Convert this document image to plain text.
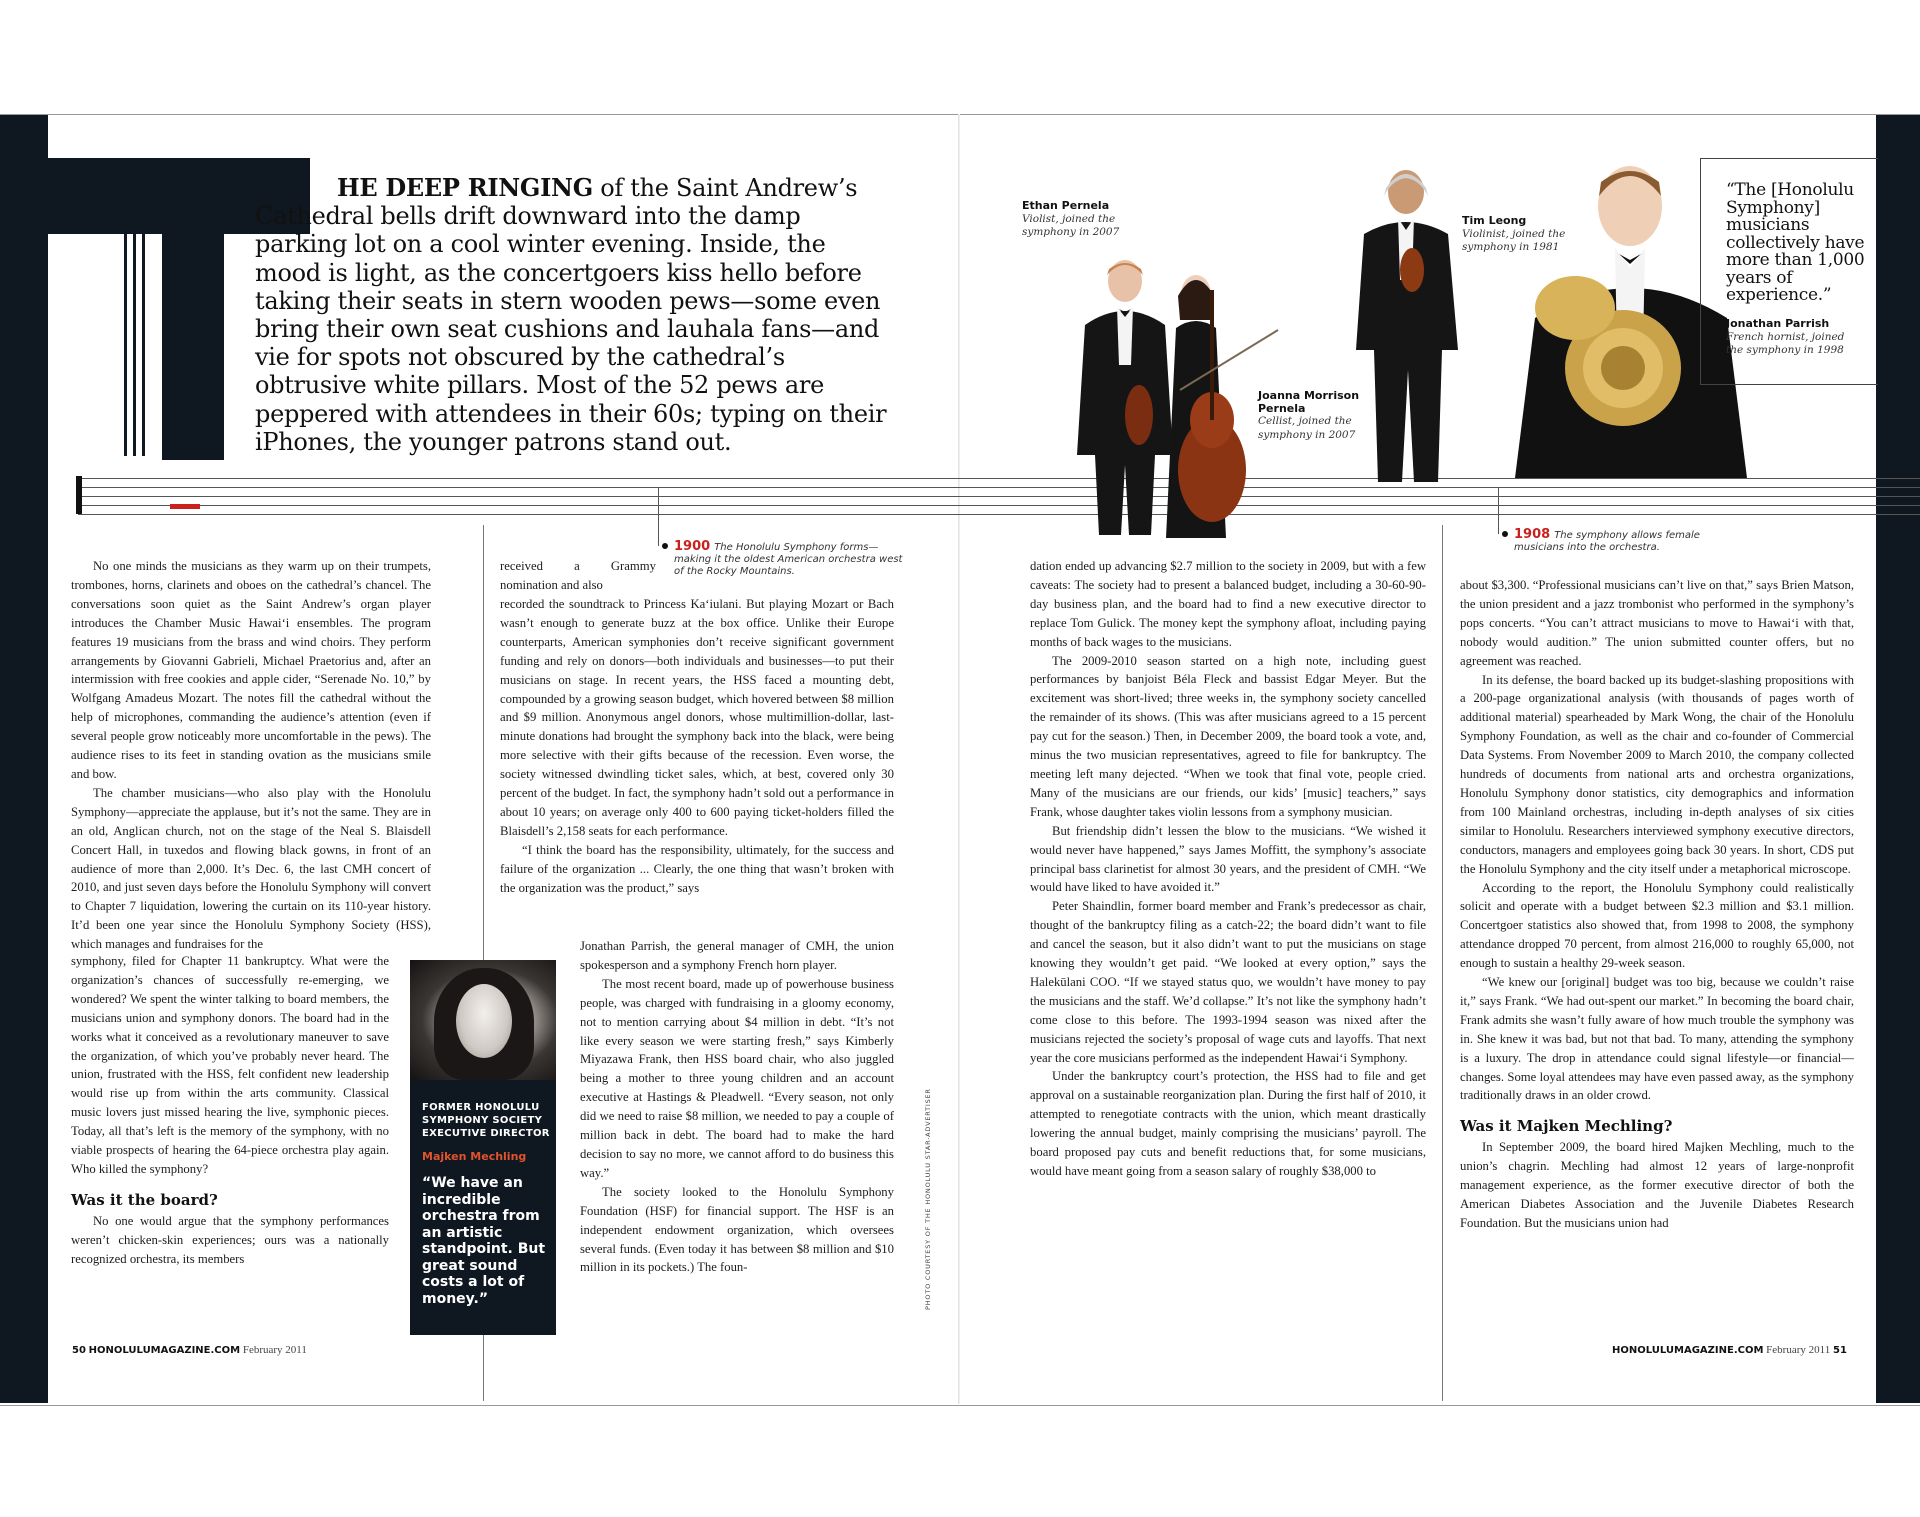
HE DEEP RINGING of the Saint Andrew’s Cathedral bells drift downward into the damp parking lot on a cool winter evening. Inside, the mood is light, as the concertgoers kiss hello before taking their seats in stern wooden pews—some even bring their own seat cushions and lauhala fans—and vie for spots not obscured by the cathedral’s obtrusive white pillars. Most of the 52 pews are peppered with attendees in their 60s; typing on their iPhones, the younger patrons stand out.
1900 The Honolulu Symphony forms—making it the oldest American orchestra west of the Rocky Mountains.
1908 The symphony allows female musicians into the orchestra.
Ethan Pernela
Violist, joined the symphony in 2007
Joanna Morrison Pernela
Cellist, joined the symphony in 2007
Tim Leong
Violinist, joined the symphony in 1981
Jonathan Parrish
French hornist, joined the symphony in 1998
“The [Honolulu Symphony] musicians collectively have more than 1,000 years of experience.”

No one minds the musicians as they warm up on their trumpets, trombones, horns, clarinets and oboes on the cathedral’s chancel. The conversations soon quiet as the Saint Andrew’s organ player introduces the Chamber Music Hawai‘i ensembles. The program features 19 musicians from the brass and wind choirs. They perform arrangements by Giovanni Gabrieli, Michael Praetorius and, after an intermission with free cookies and apple cider, “Serenade No. 10,” by Wolfgang Amadeus Mozart. The notes fill the cathedral without the help of microphones, commanding the audience’s attention (even if several people grow noticeably more uncomfortable in the pews). The audience rises to its feet in standing ovation as the musicians smile and bow.

The chamber musicians—who also play with the Honolulu Symphony—appreciate the applause, but it’s not the same. They are in an old, Anglican church, not on the stage of the Neal S. Blaisdell Concert Hall, in tuxedos and flowing black gowns, in front of an audience of more than 2,000. It’s Dec. 6, the last CMH concert of 2010, and just seven days before the Honolulu Symphony will convert to Chapter 7 liquidation, lowering the curtain on its 110-year history. It’d been one year since the Honolulu Symphony Society (HSS), which manages and fundraises for the

symphony, filed for Chapter 11 bankruptcy. What were the organization’s chances of successfully re-emerging, we wondered? We spent the winter talking to board members, the musicians union and symphony donors. The board had in the works what it conceived as a revolutionary maneuver to save the organization, of which you’ve probably never heard. The union, frustrated with the HSS, felt confident new leadership would rise up from within the arts community. Classical music lovers just missed hearing the live, symphonic pieces. Today, all that’s left is the memory of the symphony, with no viable prospects of hearing the 64-piece orchestra play again. Who killed the symphony?

Was it the board?

No one would argue that the symphony performances weren’t chicken-skin experiences; ours was a nationally recognized orchestra, its members

FORMER HONOLULU SYMPHONY SOCIETY EXECUTIVE DIRECTOR
Majken Mechling
“We have an incredible orchestra from an artistic standpoint. But great sound costs a lot of money.”

received a Grammy nomination and also

recorded the soundtrack to Princess Ka‘iulani. But playing Mozart or Bach wasn’t enough to generate buzz at the box office. Unlike their Europe counterparts, American symphonies don’t receive significant government funding and rely on donors—both individuals and businesses—to put their musicians on stage. In recent years, the HSS faced a mounting debt, compounded by a growing season budget, which hovered between $8 million and $9 million. Anonymous angel donors, whose multimillion-dollar, last-minute donations had brought the symphony back into the black, were being more selective with their gifts because of the recession. Even worse, the society witnessed dwindling ticket sales, which, at best, covered only 30 percent of the budget. In fact, the symphony hadn’t sold out a performance in about 10 years; on average only 400 to 600 paying ticket-holders filled the Blaisdell’s 2,158 seats for each performance.

“I think the board has the responsibility, ultimately, for the success and failure of the organization ... Clearly, the one thing that wasn’t broken with the organization was the product,” says

Jonathan Parrish, the general manager of CMH, the union spokesperson and a symphony French horn player.

The most recent board, made up of powerhouse business people, was charged with fundraising in a gloomy economy, not to mention carrying about $4 million in debt. “It’s not like every season we were starting fresh,” says Kimberly Miyazawa Frank, then HSS board chair, who also juggled being a mother to three young children and an account executive at Hastings & Pleadwell. “Every season, not only did we need to raise $8 million, we needed to pay a couple of million back in debt. The board had to make the hard decision to say no more, we cannot afford to do business this way.”

The society looked to the Honolulu Symphony Foundation (HSF) for financial support. The HSF is an independent endowment organization, which oversees several funds. (Even today it has between $8 million and $10 million in its pockets.) The foun-	PHOTO COURTESY OF THE HONOLULU STAR-ADVERTISER

dation ended up advancing $2.7 million to the society in 2009, but with a few caveats: The society had to present a balanced budget, including a 30-60-90-day business plan, and the board had to find a new executive director to replace Tom Gulick. The money kept the symphony afloat, including paying months of back wages to the musicians.

The 2009-2010 season started on a high note, including guest performances by banjoist Béla Fleck and bassist Edgar Meyer. But the excitement was short-lived; three weeks in, the symphony society cancelled the remainder of its shows. (This was after musicians agreed to a 15 percent pay cut for the season.) Then, in December 2009, the board took a vote, and, minus the two musician representatives, agreed to file for bankruptcy. The meeting left many dejected. “When we took that final vote, people cried. Many of the musicians are our friends, our kids’ [music] teachers,” says Frank, whose daughter takes violin lessons from a symphony musician.

But friendship didn’t lessen the blow to the musicians. “We wished it would never have happened,” says James Moffitt, the symphony’s associate principal bass clarinetist for almost 30 years, and the president of CMH. “We would have liked to have avoided it.”

Peter Shaindlin, former board member and Frank’s predecessor as chair, thought of the bankruptcy filing as a catch-22; the board didn’t want to file and cancel the season, but it also didn’t want to put the musicians on stage knowing they wouldn’t get paid. “We looked at every option,” says the Halekūlani COO. “If we stayed status quo, we wouldn’t have money to pay the musicians and the staff. We’d collapse.” It’s not like the symphony hadn’t come close to this before. The 1993-1994 season was nixed after the musicians rejected the society’s proposal of wage cuts and layoffs. That next year the core musicians performed as the independent Hawai‘i Symphony.

Under the bankruptcy court’s protection, the HSS had to file and get approval on a sustainable reorganization plan. During the first half of 2010, it attempted to renegotiate contracts with the union, which meant drastically lowering the annual budget, mainly comprising the musicians’ payroll. The board proposed pay cuts and benefit reductions that, for some musicians, would have meant going from a season salary of roughly $38,000 to

about $3,300. “Professional musicians can’t live on that,” says Brien Matson, the union president and a jazz trombonist who performed in the symphony’s pops concerts. “You can’t attract musicians to move to Hawai‘i with that, nobody would audition.” The union submitted counter offers, but no agreement was reached.

In its defense, the board backed up its budget-slashing propositions with a 200-page organizational analysis (with thousands of pages worth of additional material) spearheaded by Mark Wong, the chair of the Honolulu Symphony Foundation, as well as the chair and co-founder of Commercial Data Systems. From November 2009 to March 2010, the company collected hundreds of documents from national arts and orchestra organizations, Honolulu Symphony donor statistics, city demographics and information from 100 Mainland orchestras, including in-depth analyses of six cities similar to Honolulu. Researchers interviewed symphony executive directors, conductors, managers and employees going back 30 years. In short, CDS put the Honolulu Symphony and the city itself under a metaphorical microscope.

According to the report, the Honolulu Symphony could realistically solicit and operate with a budget between $2.3 million and $3.1 million. Concertgoer statistics also showed that, from 1998 to 2008, the symphony attendance dropped 70 percent, from almost 216,000 to roughly 65,000, not enough to sustain a healthy 29-week season.

“We knew our [original] budget was too big, because we couldn’t raise it,” says Frank. “We had out-spent our market.” In becoming the board chair, Frank admits she wasn’t fully aware of how much trouble the symphony was in. She knew it was bad, but not that bad. To many, attending the symphony is a luxury. The drop in attendance could signal lifestyle—or financial—changes. Some loyal attendees may have even passed away, as the symphony traditionally draws in an older crowd.

Was it Majken Mechling?

In September 2009, the board hired Majken Mechling, much to the union’s chagrin. Mechling had almost 12 years of large-nonprofit management experience, as the former executive director of both the American Diabetes Association and the Juvenile Diabetes Research Foundation. But the musicians union had

50 HONOLULUMAGAZINE.COM February 2011	HONOLULUMAGAZINE.COM February 2011 51
